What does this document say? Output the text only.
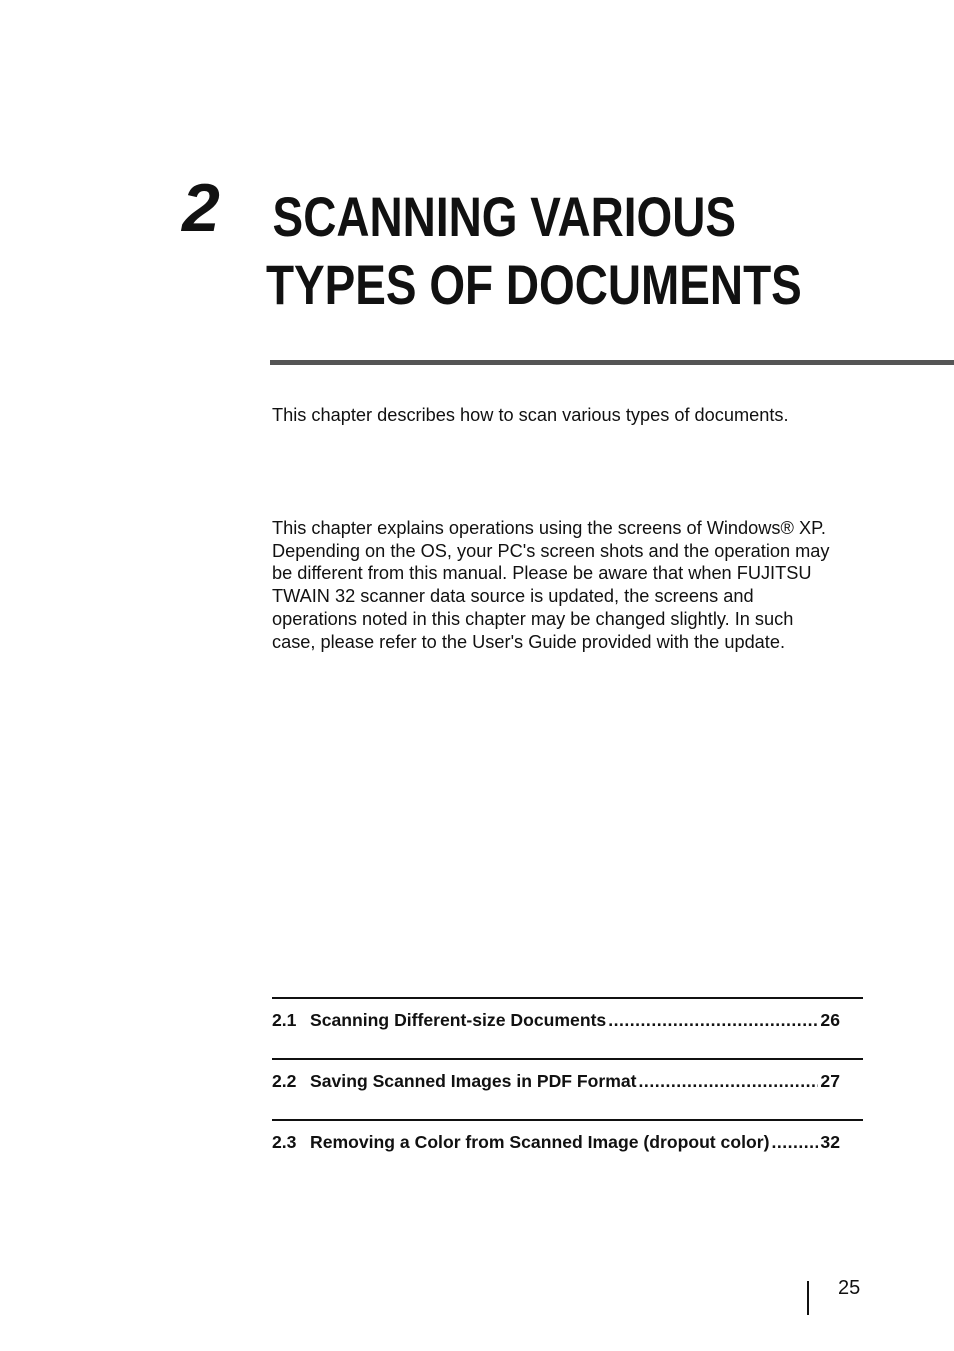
2 SCANNING VARIOUS
TYPES OF DOCUMENTS

This chapter describes how to scan various types of documents.

This chapter explains operations using the screens of Windows® XP.
Depending on the OS, your PC's screen shots and the operation may
be different from this manual. Please be aware that when FUJITSU
TWAIN 32 scanner data source is updated, the screens and
operations noted in this chapter may be changed slightly. In such
case, please refer to the User's Guide provided with the update.

2.1 Scanning Different-size Documents .....	26
2.2 Saving Scanned Images in PDF Format .....	27
2.3 Removing a Color from Scanned Image (dropout color) .....	32
25
